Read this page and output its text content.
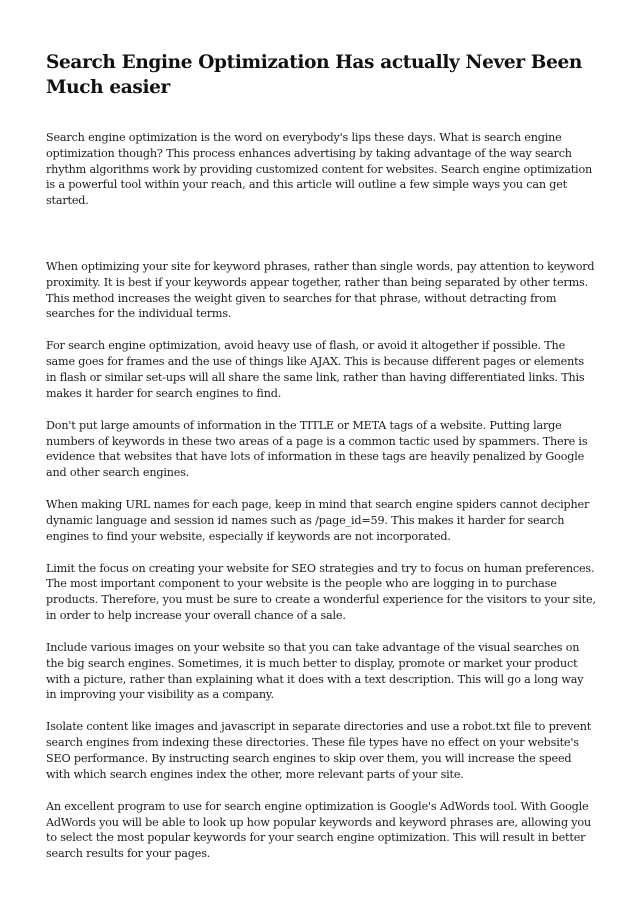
Search Engine Optimization Has actually Never Been Much easier

Search engine optimization is the word on everybody's lips these days. What is search engine optimization though? This process enhances advertising by taking advantage of the way search rhythm algorithms work by providing customized content for websites. Search engine optimization is a powerful tool within your reach, and this article will outline a few simple ways you can get started.

When optimizing your site for keyword phrases, rather than single words, pay attention to keyword proximity. It is best if your keywords appear together, rather than being separated by other terms. This method increases the weight given to searches for that phrase, without detracting from searches for the individual terms.

For search engine optimization, avoid heavy use of flash, or avoid it altogether if possible. The same goes for frames and the use of things like AJAX. This is because different pages or elements in flash or similar set-ups will all share the same link, rather than having differentiated links. This makes it harder for search engines to find.

Don't put large amounts of information in the TITLE or META tags of a website. Putting large numbers of keywords in these two areas of a page is a common tactic used by spammers. There is evidence that websites that have lots of information in these tags are heavily penalized by Google and other search engines.

When making URL names for each page, keep in mind that search engine spiders cannot decipher dynamic language and session id names such as /page_id=59. This makes it harder for search engines to find your website, especially if keywords are not incorporated.

Limit the focus on creating your website for SEO strategies and try to focus on human preferences. The most important component to your website is the people who are logging in to purchase products. Therefore, you must be sure to create a wonderful experience for the visitors to your site, in order to help increase your overall chance of a sale.

Include various images on your website so that you can take advantage of the visual searches on the big search engines. Sometimes, it is much better to display, promote or market your product with a picture, rather than explaining what it does with a text description. This will go a long way in improving your visibility as a company.

Isolate content like images and javascript in separate directories and use a robot.txt file to prevent search engines from indexing these directories. These file types have no effect on your website's SEO performance. By instructing search engines to skip over them, you will increase the speed with which search engines index the other, more relevant parts of your site.

An excellent program to use for search engine optimization is Google's AdWords tool. With Google AdWords you will be able to look up how popular keywords and keyword phrases are, allowing you to select the most popular keywords for your search engine optimization. This will result in better search results for your pages.
